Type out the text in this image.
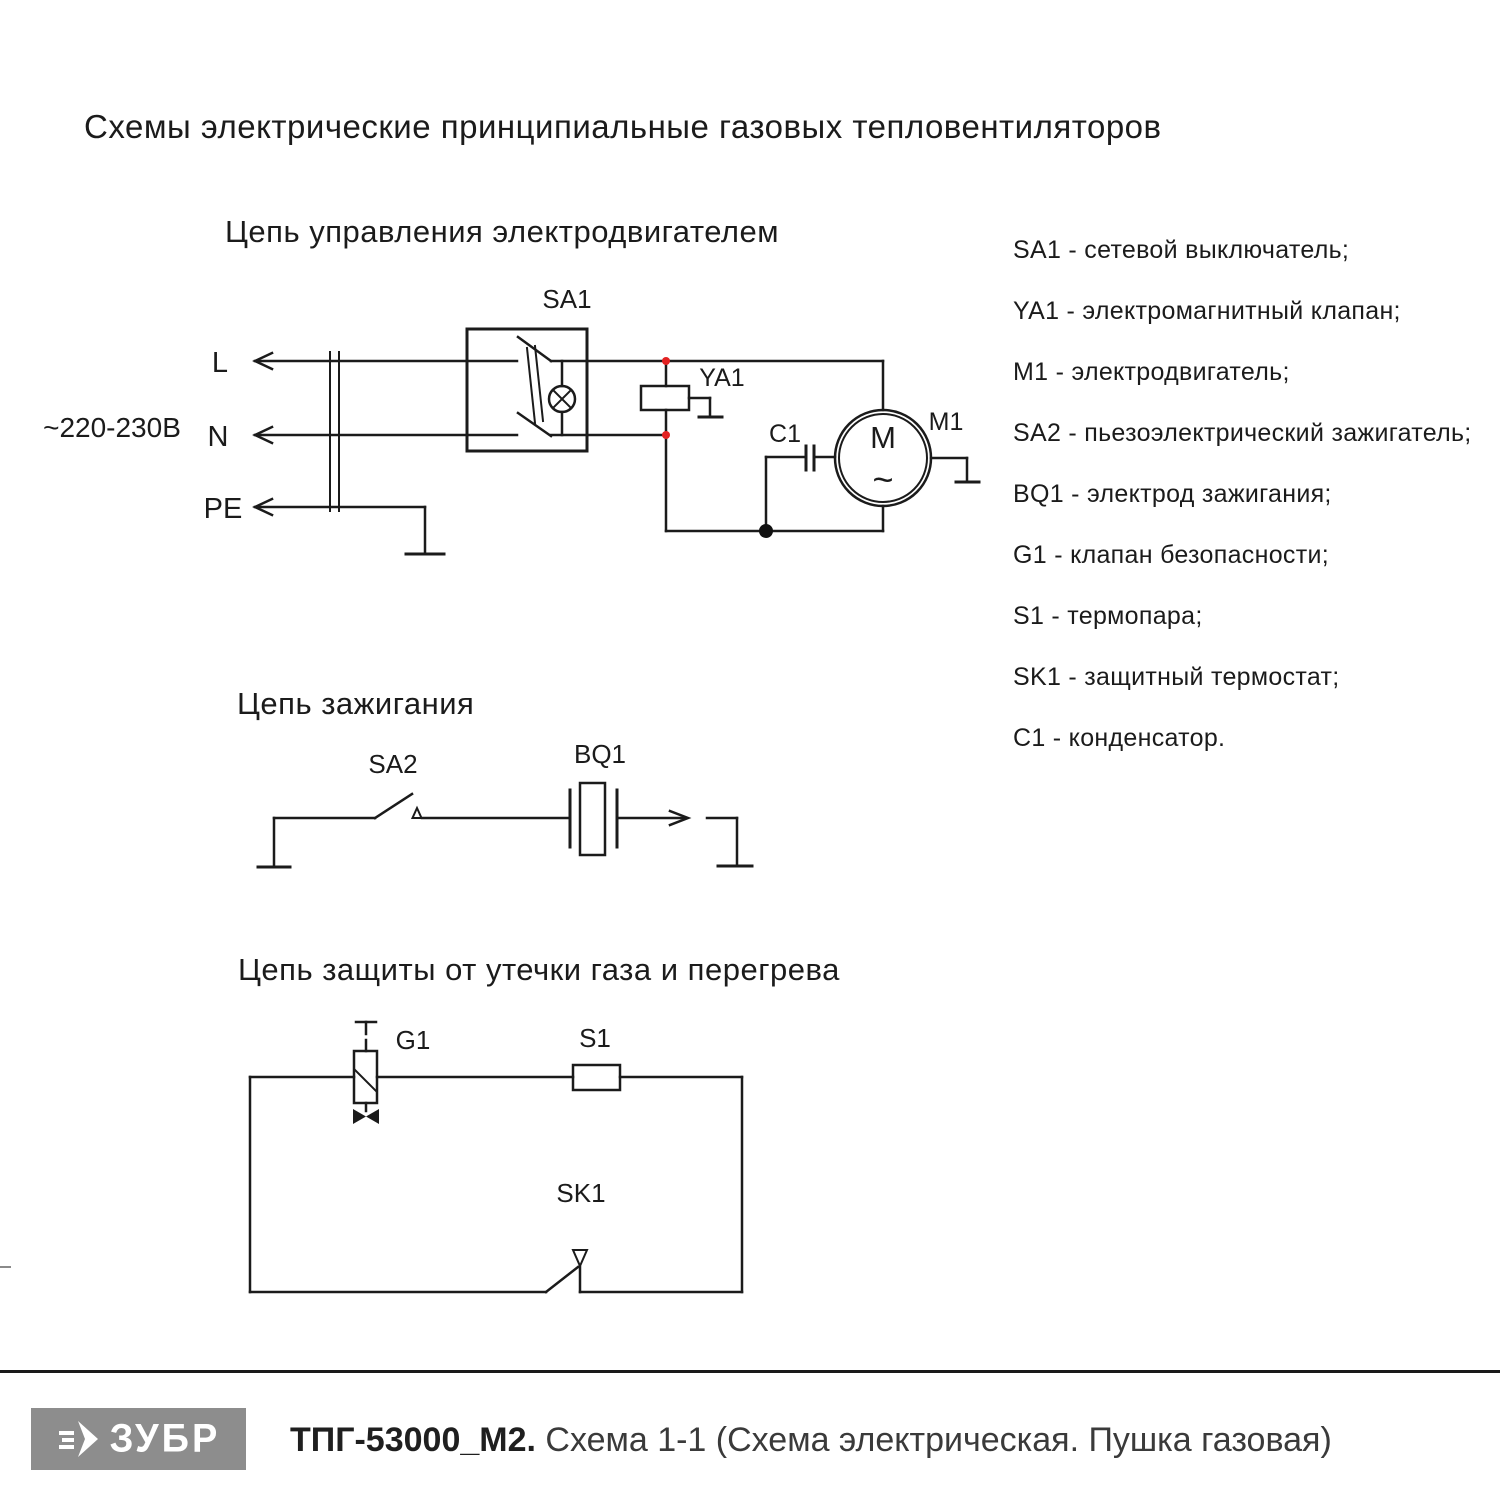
Схемы электрические принципиальные газовых тепловентиляторов
Цепь управления электродвигателем
Цепь зажигания
Цепь защиты от утечки газа и перегрева
SA1 - сетевой выключатель;
YA1 - электромагнитный клапан;
M1 - электродвигатель;
SA2 - пьезоэлектрический зажигатель;
BQ1 - электрод зажигания;
G1 - клапан безопасности;
S1 - термопара;
SK1 - защитный термостат;
C1 - конденсатор.
~220-230В
L
N
PE
SA1
YA1
C1	M1
M
~
SA2	BQ1
G1	S1
SK1
ЗУБР ТПГ-53000_М2. Схема 1-1 (Схема электрическая. Пушка газовая)
